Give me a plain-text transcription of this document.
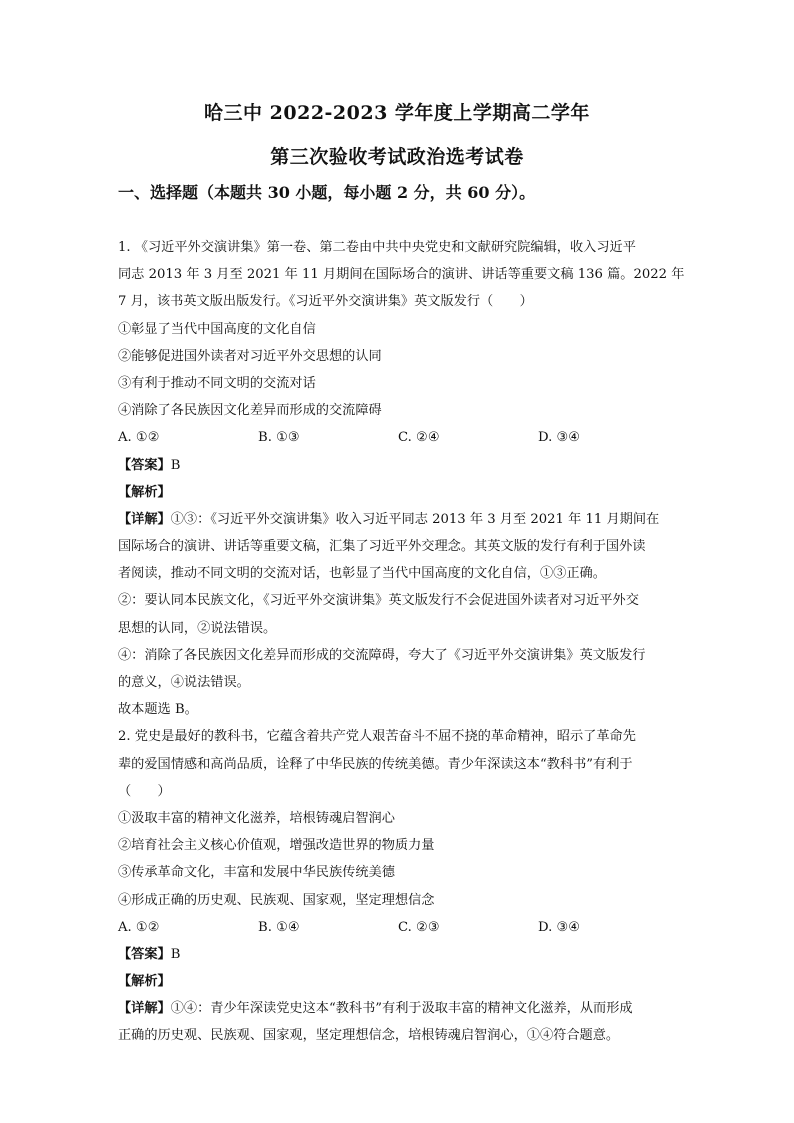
哈三中 2022-2023 学年度上学期高二学年
第三次验收考试政治选考试卷
一、选择题（本题共 30 小题，每小题 2 分，共 60 分）。
1. 《习近平外交演讲集》第一卷、第二卷由中共中央党史和文献研究院编辑，收入习近平
同志 2013 年 3 月至 2021 年 11 月期间在国际场合的演讲、讲话等重要文稿 136 篇。2022 年
7 月，该书英文版出版发行。《习近平外交演讲集》英文版发行（　　）
①彰显了当代中国高度的文化自信
②能够促进国外读者对习近平外交思想的认同
③有利于推动不同文明的交流对话
④消除了各民族因文化差异而形成的交流障碍
A. ①②	B. ①③	C. ②④	D. ③④
【答案】B
【解析】
【详解】①③：《习近平外交演讲集》收入习近平同志 2013 年 3 月至 2021 年 11 月期间在
国际场合的演讲、讲话等重要文稿，汇集了习近平外交理念。其英文版的发行有利于国外读
者阅读，推动不同文明的交流对话，也彰显了当代中国高度的文化自信，①③正确。
②：要认同本民族文化，《习近平外交演讲集》英文版发行不会促进国外读者对习近平外交
思想的认同，②说法错误。
④：消除了各民族因文化差异而形成的交流障碍，夸大了《习近平外交演讲集》英文版发行
的意义，④说法错误。
故本题选 B。
2. 党史是最好的教科书，它蕴含着共产党人艰苦奋斗不屈不挠的革命精神，昭示了革命先
辈的爱国情感和高尚品质，诠释了中华民族的传统美德。青少年深读这本“教科书”有利于
（　　）
①汲取丰富的精神文化滋养，培根铸魂启智润心
②培育社会主义核心价值观，增强改造世界的物质力量
③传承革命文化，丰富和发展中华民族传统美德
④形成正确的历史观、民族观、国家观，坚定理想信念
A. ①②	B. ①④	C. ②③	D. ③④
【答案】B
【解析】
【详解】①④：青少年深读党史这本“教科书”有利于汲取丰富的精神文化滋养，从而形成
正确的历史观、民族观、国家观，坚定理想信念，培根铸魂启智润心，①④符合题意。
